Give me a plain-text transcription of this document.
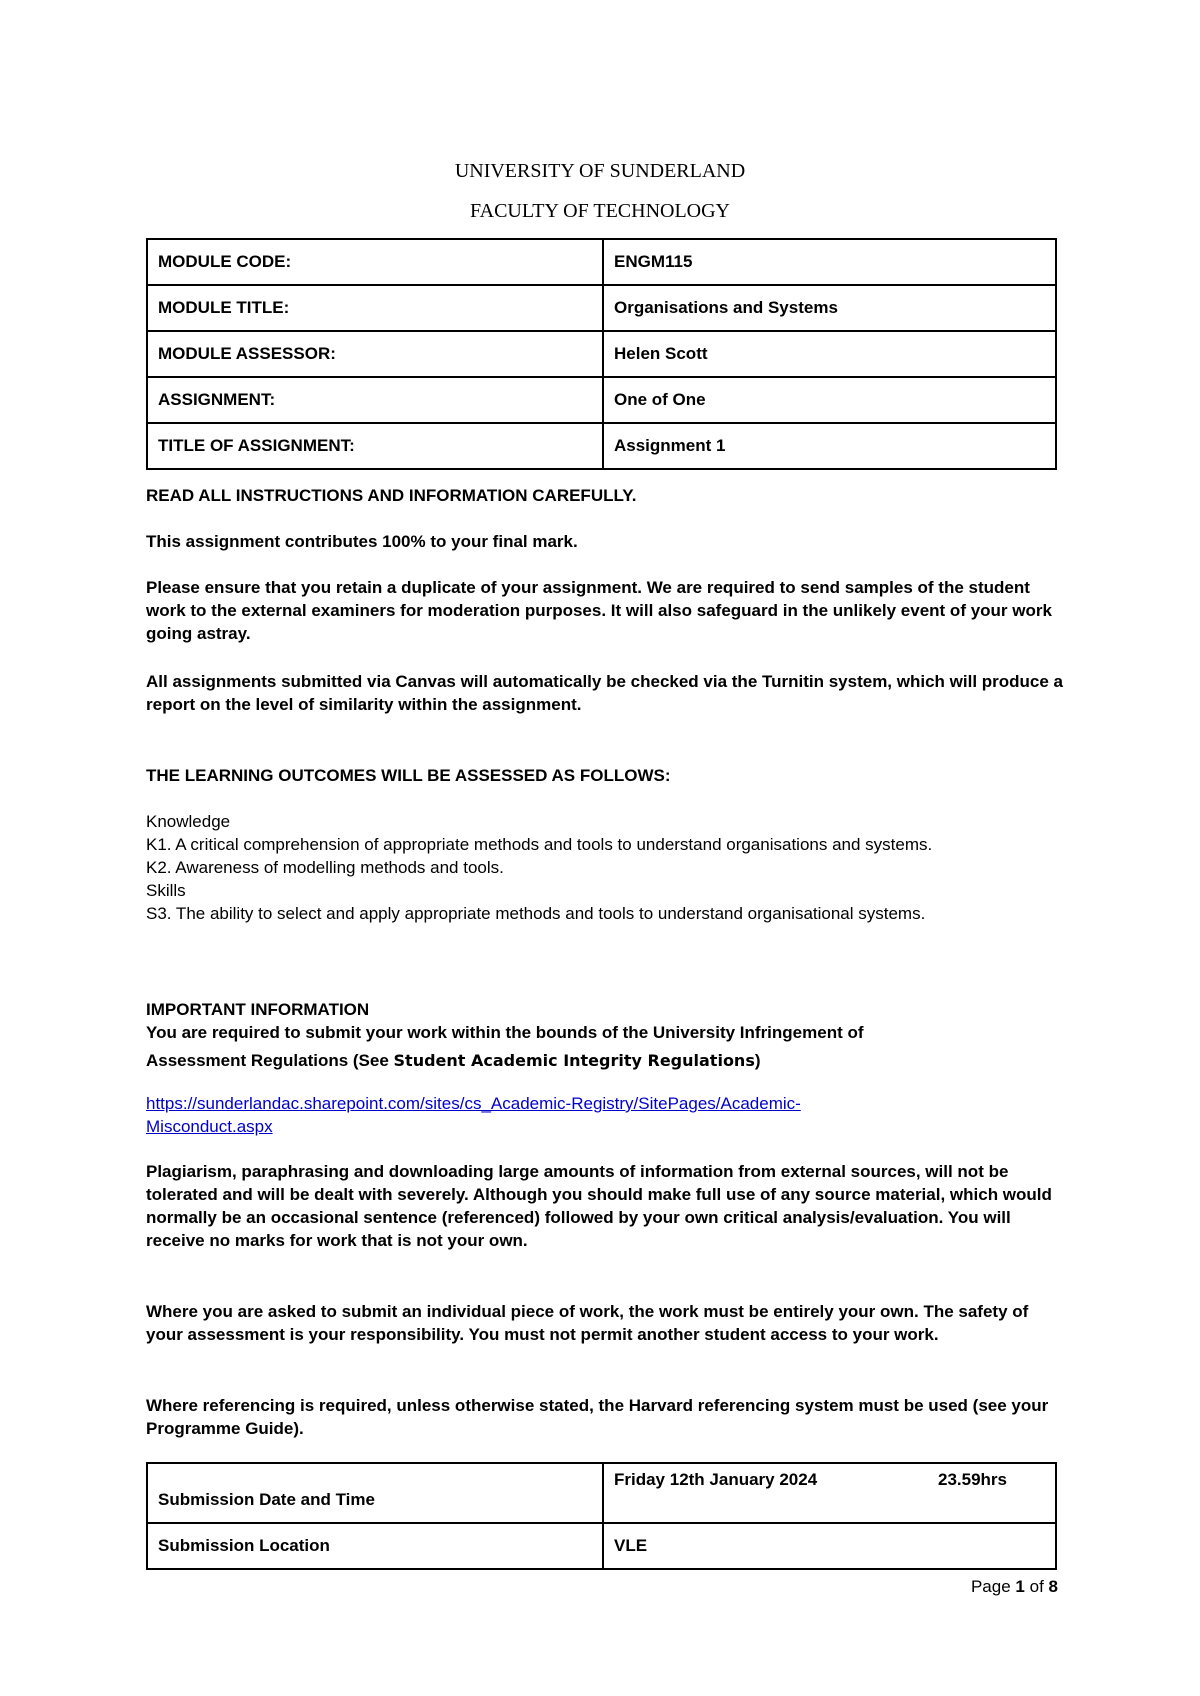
UNIVERSITY OF SUNDERLAND
FACULTY OF TECHNOLOGY
MODULE CODE:	ENGM115
MODULE TITLE:	Organisations and Systems
MODULE ASSESSOR:	Helen Scott
ASSIGNMENT:	One of One
TITLE OF ASSIGNMENT:	Assignment 1
READ ALL INSTRUCTIONS AND INFORMATION CAREFULLY.
This assignment contributes 100% to your final mark.
Please ensure that you retain a duplicate of your assignment. We are required to send samples of the student work to the external examiners for moderation purposes. It will also safeguard in the unlikely event of your work going astray.
All assignments submitted via Canvas will automatically be checked via the Turnitin system, which will produce a report on the level of similarity within the assignment.
THE LEARNING OUTCOMES WILL BE ASSESSED AS FOLLOWS:
Knowledge
K1. A critical comprehension of appropriate methods and tools to understand organisations and systems.
K2. Awareness of modelling methods and tools.
Skills
S3. The ability to select and apply appropriate methods and tools to understand organisational systems.
IMPORTANT INFORMATION
You are required to submit your work within the bounds of the University Infringement of
Assessment Regulations (See Student Academic Integrity Regulations)
https://sunderlandac.sharepoint.com/sites/cs_Academic-Registry/SitePages/Academic-
Misconduct.aspx
Plagiarism, paraphrasing and downloading large amounts of information from external sources, will not be tolerated and will be dealt with severely. Although you should make full use of any source material, which would normally be an occasional sentence (referenced) followed by your own critical analysis/evaluation. You will receive no marks for work that is not your own.
Where you are asked to submit an individual piece of work, the work must be entirely your own. The safety of your assessment is your responsibility. You must not permit another student access to your work.
Where referencing is required, unless otherwise stated, the Harvard referencing system must be used (see your Programme Guide).
Submission Date and Time	Friday 12th January 2024 23.59hrs
Submission Location	VLE
Page 1 of 8
